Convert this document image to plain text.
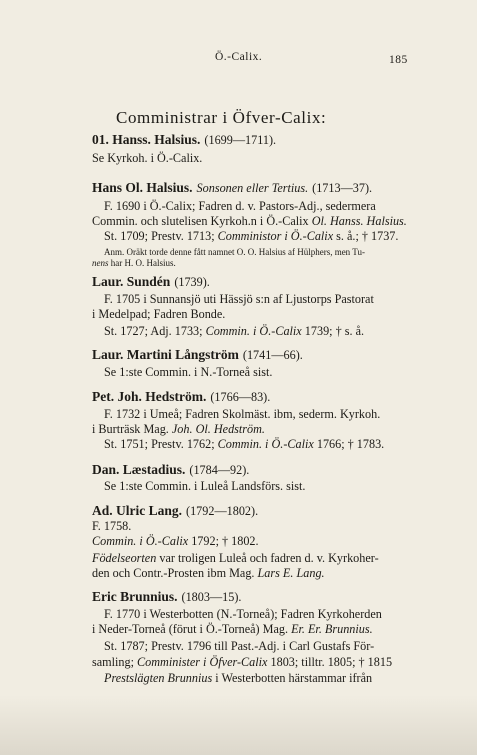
Ö.-Calix.	185
Comministrar i Öfver-Calix:
01. Hanss. Halsius. (1699—1711).
Se Kyrkoh. i Ö.-Calix.
Hans Ol. Halsius. Sonsonen eller Tertius. (1713—37).
F. 1690 i Ö.-Calix; Fadren d. v. Pastors-Adj., sedermera
Commin. och slutelisen Kyrkoh.n i Ö.-Calix Ol. Hanss. Halsius.
St. 1709; Prestv. 1713; Comministor i Ö.-Calix s. å.; † 1737.
Anm. Oräkt torde denne fått namnet O. O. Halsius af Hülphers, men Tu-
nens har H. O. Halsius.
Laur. Sundén (1739).
F. 1705 i Sunnansjö uti Hässjö s:n af Ljustorps Pastorat
i Medelpad; Fadren Bonde.
St. 1727; Adj. 1733; Commin. i Ö.-Calix 1739; † s. å.
Laur. Martini Långström (1741—66).
Se 1:ste Commin. i N.-Torneå sist.
Pet. Joh. Hedström. (1766—83).
F. 1732 i Umeå; Fadren Skolmäst. ibm, sederm. Kyrkoh.
i Burträsk Mag. Joh. Ol. Hedström.
St. 1751; Prestv. 1762; Commin. i Ö.-Calix 1766; † 1783.
Dan. Læstadius. (1784—92).
Se 1:ste Commin. i Luleå Landsförs. sist.
Ad. Ulric Lang. (1792—1802).
F. 1758.
Commin. i Ö.-Calix 1792; † 1802.
Födelseorten var troligen Luleå och fadren d. v. Kyrkoher-
den och Contr.-Prosten ibm Mag. Lars E. Lang.
Eric Brunnius. (1803—15).
F. 1770 i Westerbotten (N.-Torneå); Fadren Kyrkoherden
i Neder-Torneå (förut i Ö.-Torneå) Mag. Er. Er. Brunnius.
St. 1787; Prestv. 1796 till Past.-Adj. i Carl Gustafs För-
samling; Comminister i Öfver-Calix 1803; tilltr. 1805; † 1815
Prestslägten Brunnius i Westerbotten härstammar ifrån
